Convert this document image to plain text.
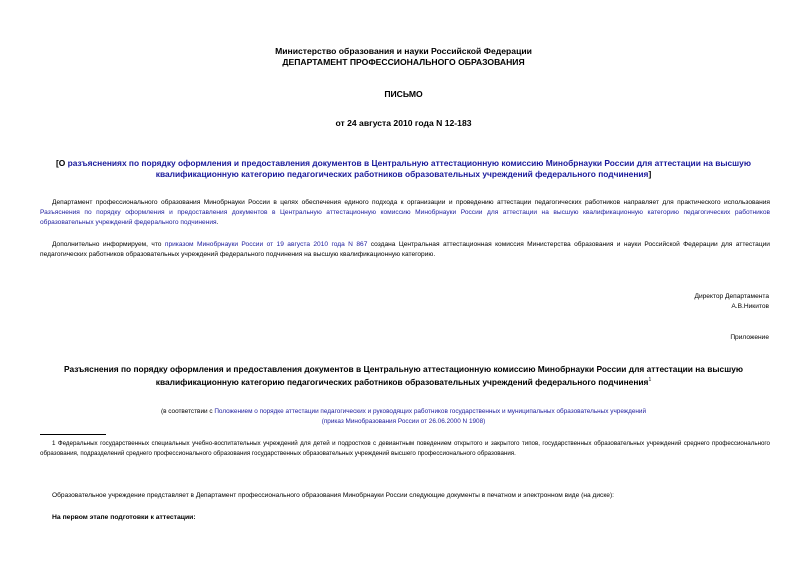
Министерство образования и науки Российской Федерации
ДЕПАРТАМЕНТ ПРОФЕССИОНАЛЬНОГО ОБРАЗОВАНИЯ
ПИСЬМО
от 24 августа 2010 года N 12-183
[О разъяснениях по порядку оформления и предоставления документов в Центральную аттестационную комиссию Минобрнауки России для аттестации на высшую квалификационную категорию педагогических работников образовательных учреждений федерального подчинения]
Департамент профессионального образования Минобрнауки России в целях обеспечения единого подхода к организации и проведению аттестации педагогических работников направляет для практического использования Разъяснения по порядку оформления и предоставления документов в Центральную аттестационную комиссию Минобрнауки России для аттестации на высшую квалификационную категорию педагогических работников образовательных учреждений федерального подчинения.
Дополнительно информируем, что приказом Минобрнауки России от 19 августа 2010 года N 867 создана Центральная аттестационная комиссия Министерства образования и науки Российской Федерации для аттестации педагогических работников образовательных учреждений федерального подчинения на высшую квалификационную категорию.
Директор Департамента
А.В.Никитов
Приложение
Разъяснения по порядку оформления и предоставления документов в Центральную аттестационную комиссию Минобрнауки России для аттестации на высшую квалификационную категорию педагогических работников образовательных учреждений федерального подчинения$^1$
(в соответствии с Положением о порядке аттестации педагогических и руководящих работников государственных и муниципальных образовательных учреждений
(приказ Минобразования России от 26.06.2000 N 1908)
1 Федеральных государственных специальных учебно-воспитательных учреждений для детей и подростков с девиантным поведением открытого и закрытого типов, государственных образовательных учреждений среднего профессионального образования, подразделений среднего профессионального образования государственных образовательных учреждений высшего профессионального образования.
Образовательное учреждение представляет в Департамент профессионального образования Минобрнауки России следующие документы в печатном и электронном виде (на диске):
На первом этапе подготовки к аттестации:
